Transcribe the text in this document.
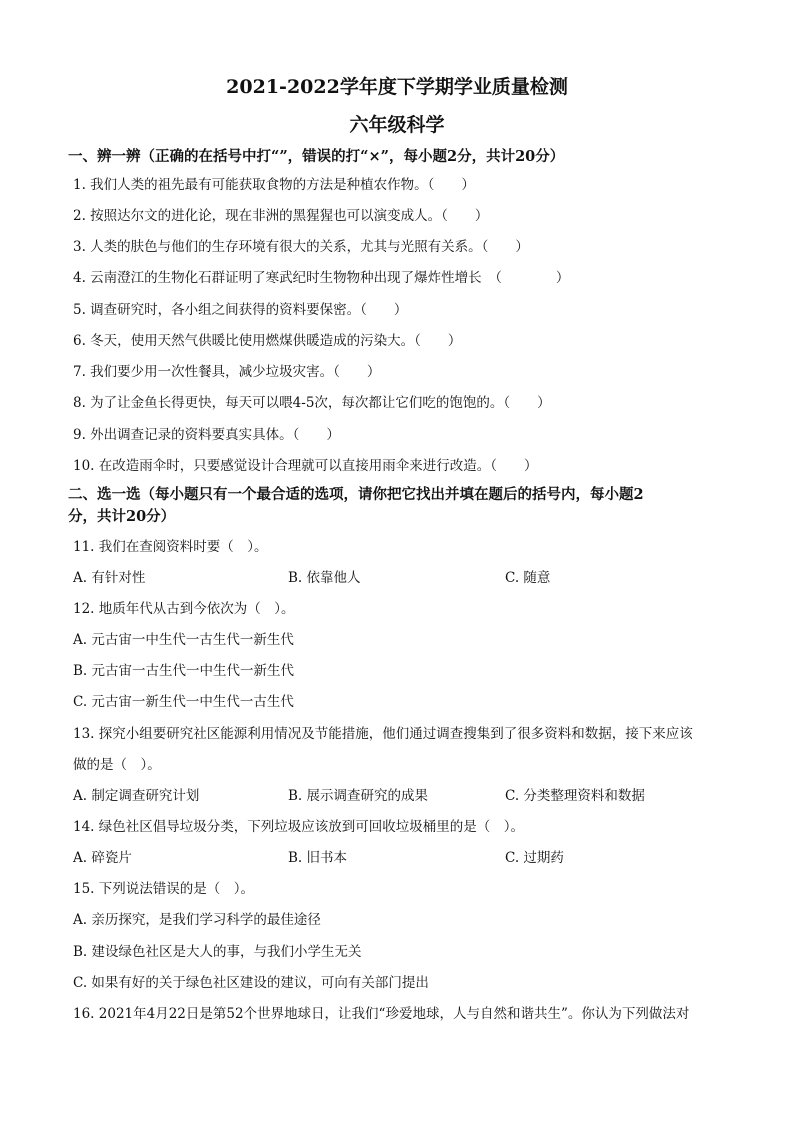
2021-2022学年度下学期学业质量检测
六年级科学
一、辨一辨（正确的在括号中打“”，错误的打“×”，每小题2分，共计20分）
1. 我们人类的祖先最有可能获取食物的方法是种植农作物。（　　）
2. 按照达尔文的进化论，现在非洲的黑猩猩也可以演变成人。（　　）
3. 人类的肤色与他们的生存环境有很大的关系，尤其与光照有关系。（　　）
4. 云南澄江的生物化石群证明了寒武纪时生物物种出现了爆炸性增长　（　　　　）
5. 调查研究时，各小组之间获得的资料要保密。（　　）
6. 冬天，使用天然气供暖比使用燃煤供暖造成的污染大。（　　）
7. 我们要少用一次性餐具，减少垃圾灾害。（　　）
8. 为了让金鱼长得更快，每天可以喂4-5次，每次都让它们吃的饱饱的。（　　）
9. 外出调查记录的资料要真实具体。（　　）
10. 在改造雨伞时，只要感觉设计合理就可以直接用雨伞来进行改造。（　　）
二、选一选（每小题只有一个最合适的选项，请你把它找出并填在题后的括号内，每小题2
分，共计20分）
11. 我们在查阅资料时要（　）。
A. 有针对性	B. 依靠他人	C. 随意
12. 地质年代从古到今依次为（　）。
A. 元古宙一中生代一古生代一新生代
B. 元古宙一古生代一中生代一新生代
C. 元古宙一新生代一中生代一古生代
13. 探究小组要研究社区能源利用情况及节能措施，他们通过调查搜集到了很多资料和数据，接下来应该
做的是（　）。
A. 制定调查研究计划	B. 展示调查研究的成果	C. 分类整理资料和数据
14. 绿色社区倡导垃圾分类，下列垃圾应该放到可回收垃圾桶里的是（　）。
A. 碎瓷片	B. 旧书本	C. 过期药
15. 下列说法错误的是（　）。
A. 亲历探究，是我们学习科学的最佳途径
B. 建设绿色社区是大人的事，与我们小学生无关
C. 如果有好的关于绿色社区建设的建议，可向有关部门提出
16. 2021年4月22日是第52个世界地球日，让我们“珍爱地球，人与自然和谐共生”。你认为下列做法对
